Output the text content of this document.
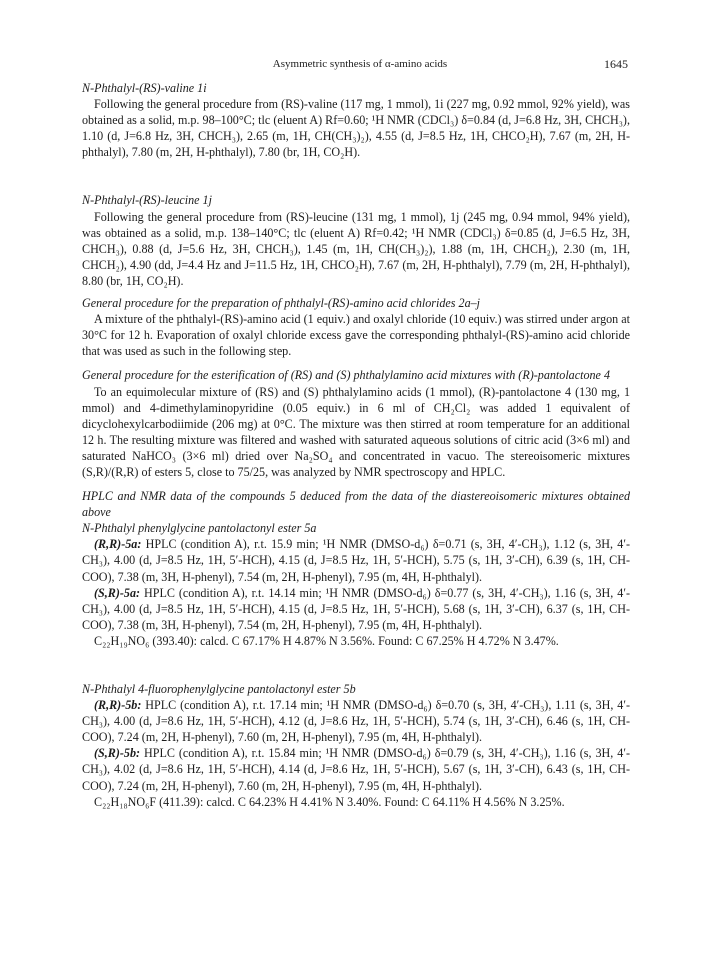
Asymmetric synthesis of α-amino acids	1645

N-Phthalyl-(RS)-valine 1i

Following the general procedure from (RS)-valine (117 mg, 1 mmol), 1i (227 mg, 0.92 mmol, 92% yield), was obtained as a solid, m.p. 98–100°C; tlc (eluent A) Rf=0.60; ¹H NMR (CDCl₃) δ=0.84 (d, J=6.8 Hz, 3H, CHCH₃), 1.10 (d, J=6.8 Hz, 3H, CHCH₃), 2.65 (m, 1H, CH(CH₃)₂), 4.55 (d, J=8.5 Hz, 1H, CHCO₂H), 7.67 (m, 2H, H-phthalyl), 7.80 (m, 2H, H-phthalyl), 7.80 (br, 1H, CO₂H).

N-Phthalyl-(RS)-leucine 1j

Following the general procedure from (RS)-leucine (131 mg, 1 mmol), 1j (245 mg, 0.94 mmol, 94% yield), was obtained as a solid, m.p. 138–140°C; tlc (eluent A) Rf=0.42; ¹H NMR (CDCl₃) δ=0.85 (d, J=6.5 Hz, 3H, CHCH₃), 0.88 (d, J=5.6 Hz, 3H, CHCH₃), 1.45 (m, 1H, CH(CH₃)₂), 1.88 (m, 1H, CHCH₂), 2.30 (m, 1H, CHCH₂), 4.90 (dd, J=4.4 Hz and J=11.5 Hz, 1H, CHCO₂H), 7.67 (m, 2H, H-phthalyl), 7.79 (m, 2H, H-phthalyl), 8.80 (br, 1H, CO₂H).

General procedure for the preparation of phthalyl-(RS)-amino acid chlorides 2a–j

A mixture of the phthalyl-(RS)-amino acid (1 equiv.) and oxalyl chloride (10 equiv.) was stirred under argon at 30°C for 12 h. Evaporation of oxalyl chloride excess gave the corresponding phthalyl-(RS)-amino acid chloride that was used as such in the following step.

General procedure for the esterification of (RS) and (S) phthalylamino acid mixtures with (R)-pantolactone 4

To an equimolecular mixture of (RS) and (S) phthalylamino acids (1 mmol), (R)-pantolactone 4 (130 mg, 1 mmol) and 4-dimethylaminopyridine (0.05 equiv.) in 6 ml of CH₂Cl₂ was added 1 equivalent of dicyclohexylcarbodiimide (206 mg) at 0°C. The mixture was then stirred at room temperature for an additional 12 h. The resulting mixture was filtered and washed with saturated aqueous solutions of citric acid (3×6 ml) and saturated NaHCO₃ (3×6 ml) dried over Na₂SO₄ and concentrated in vacuo. The stereoisomeric mixtures (S,R)/(R,R) of esters 5, close to 75/25, was analyzed by NMR spectroscopy and HPLC.

HPLC and NMR data of the compounds 5 deduced from the data of the diastereoisomeric mixtures obtained above

N-Phthalyl phenylglycine pantolactonyl ester 5a

(R,R)-5a: HPLC (condition A), r.t. 15.9 min; ¹H NMR (DMSO-d₆) δ=0.71 (s, 3H, 4′-CH₃), 1.12 (s, 3H, 4′-CH₃), 4.00 (d, J=8.5 Hz, 1H, 5′-HCH), 4.15 (d, J=8.5 Hz, 1H, 5′-HCH), 5.75 (s, 1H, 3′-CH), 6.39 (s, 1H, CH-COO), 7.38 (m, 3H, H-phenyl), 7.54 (m, 2H, H-phenyl), 7.95 (m, 4H, H-phthalyl).

(S,R)-5a: HPLC (condition A), r.t. 14.14 min; ¹H NMR (DMSO-d₆) δ=0.77 (s, 3H, 4′-CH₃), 1.16 (s, 3H, 4′-CH₃), 4.00 (d, J=8.5 Hz, 1H, 5′-HCH), 4.15 (d, J=8.5 Hz, 1H, 5′-HCH), 5.68 (s, 1H, 3′-CH), 6.37 (s, 1H, CH-COO), 7.38 (m, 3H, H-phenyl), 7.54 (m, 2H, H-phenyl), 7.95 (m, 4H, H-phthalyl).

C₂₂H₁₉NO₆ (393.40): calcd. C 67.17% H 4.87% N 3.56%. Found: C 67.25% H 4.72% N 3.47%.

N-Phthalyl 4-fluorophenylglycine pantolactonyl ester 5b

(R,R)-5b: HPLC (condition A), r.t. 17.14 min; ¹H NMR (DMSO-d₆) δ=0.70 (s, 3H, 4′-CH₃), 1.11 (s, 3H, 4′-CH₃), 4.00 (d, J=8.6 Hz, 1H, 5′-HCH), 4.12 (d, J=8.6 Hz, 1H, 5′-HCH), 5.74 (s, 1H, 3′-CH), 6.46 (s, 1H, CH-COO), 7.24 (m, 2H, H-phenyl), 7.60 (m, 2H, H-phenyl), 7.95 (m, 4H, H-phthalyl).

(S,R)-5b: HPLC (condition A), r.t. 15.84 min; ¹H NMR (DMSO-d₆) δ=0.79 (s, 3H, 4′-CH₃), 1.16 (s, 3H, 4′-CH₃), 4.02 (d, J=8.6 Hz, 1H, 5′-HCH), 4.14 (d, J=8.6 Hz, 1H, 5′-HCH), 5.67 (s, 1H, 3′-CH), 6.43 (s, 1H, CH-COO), 7.24 (m, 2H, H-phenyl), 7.60 (m, 2H, H-phenyl), 7.95 (m, 4H, H-phthalyl).

C₂₂H₁₈NO₆F (411.39): calcd. C 64.23% H 4.41% N 3.40%. Found: C 64.11% H 4.56% N 3.25%.
